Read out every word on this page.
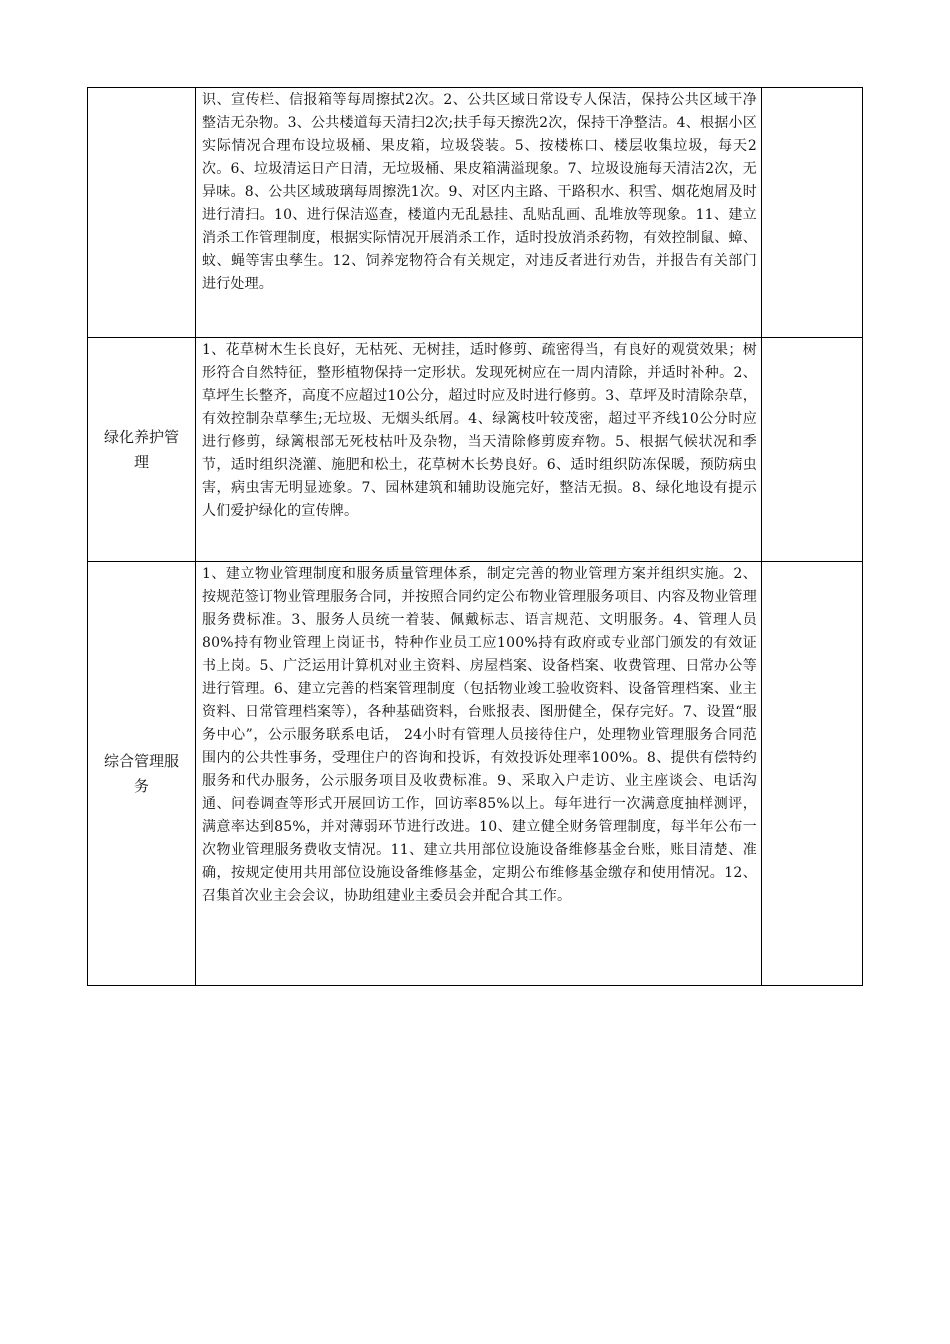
	识、宣传栏、信报箱等每周擦拭2次。2、公共区域日常设专人保洁，保持公共区域干净整洁无杂物。3、公共楼道每天清扫2次;扶手每天擦洗2次，保持干净整洁。4、根据小区实际情况合理布设垃圾桶、果皮箱，垃圾袋装。5、按楼栋口、楼层收集垃圾，每天2次。6、垃圾清运日产日清，无垃圾桶、果皮箱满溢现象。7、垃圾设施每天清洁2次，无异味。8、公共区域玻璃每周擦洗1次。9、对区内主路、干路积水、积雪、烟花炮屑及时进行清扫。10、进行保洁巡查，楼道内无乱悬挂、乱贴乱画、乱堆放等现象。11、建立消杀工作管理制度，根据实际情况开展消杀工作，适时投放消杀药物，有效控制鼠、蟑、蚊、蝇等害虫孳生。12、饲养宠物符合有关规定，对违反者进行劝告，并报告有关部门进行处理。	

绿化养护管理	1、花草树木生长良好，无枯死、无树挂，适时修剪、疏密得当，有良好的观赏效果；树形符合自然特征，整形植物保持一定形状。发现死树应在一周内清除，并适时补种。2、草坪生长整齐，高度不应超过10公分，超过时应及时进行修剪。3、草坪及时清除杂草，有效控制杂草孳生;无垃圾、无烟头纸屑。4、绿篱枝叶较茂密，超过平齐线10公分时应进行修剪，绿篱根部无死枝枯叶及杂物，当天清除修剪废弃物。5、根据气候状况和季节，适时组织浇灌、施肥和松土，花草树木长势良好。6、适时组织防冻保暖，预防病虫害，病虫害无明显迹象。7、园林建筑和辅助设施完好，整洁无损。8、绿化地设有提示人们爱护绿化的宣传牌。	

综合管理服务	1、建立物业管理制度和服务质量管理体系，制定完善的物业管理方案并组织实施。2、按规范签订物业管理服务合同，并按照合同约定公布物业管理服务项目、内容及物业管理服务费标准。3、服务人员统一着装、佩戴标志、语言规范、文明服务。4、管理人员80%持有物业管理上岗证书，特种作业员工应100%持有政府或专业部门颁发的有效证书上岗。5、广泛运用计算机对业主资料、房屋档案、设备档案、收费管理、日常办公等进行管理。6、建立完善的档案管理制度（包括物业竣工验收资料、设备管理档案、业主资料、日常管理档案等），各种基础资料，台账报表、图册健全，保存完好。7、设置“服务中心”，公示服务联系电话， 24小时有管理人员接待住户，处理物业管理服务合同范围内的公共性事务，受理住户的咨询和投诉，有效投诉处理率100%。8、提供有偿特约服务和代办服务，公示服务项目及收费标准。9、采取入户走访、业主座谈会、电话沟通、问卷调查等形式开展回访工作，回访率85%以上。每年进行一次满意度抽样测评，满意率达到85%，并对薄弱环节进行改进。10、建立健全财务管理制度，每半年公布一次物业管理服务费收支情况。11、建立共用部位设施设备维修基金台账，账目清楚、准确，按规定使用共用部位设施设备维修基金，定期公布维修基金缴存和使用情况。12、召集首次业主会会议，协助组建业主委员会并配合其工作。	
